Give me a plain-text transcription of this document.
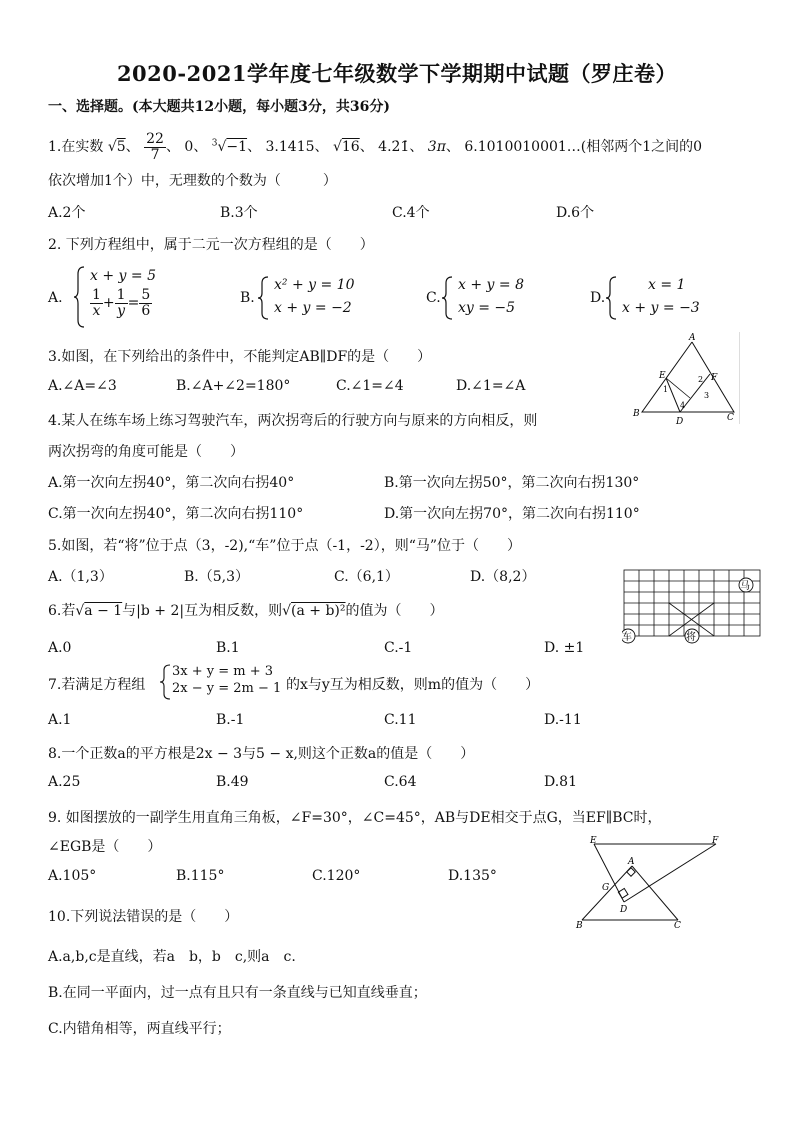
2020-2021学年度七年级数学下学期期中试题（罗庄卷）
一、选择题。(本大题共12小题，每小题3分，共36分)
1.在实数 √5、 $\frac{22}{7}$ 、 0、 $^3$√−1、 3.1415、 √16、 4.2̇1̇、 3π、 6.1010010001…(相邻两个1之间的0
依次增加1个）中，无理数的个数为（　　　）
A.2个	B.3个	C.4个	D.6个
2. 下列方程组中，属于二元一次方程组的是（　　）
A.
x + y = 5
$\frac{1}{x} + \frac{1}{y} = \frac{5}{6}$	B.
x² + y = 10
x + y = −2
C.
x + y = 8
xy = −5
D.
x = 1
x + y = −3
3.如图，在下列给出的条件中，不能判定AB∥DF的是（　　）
A.∠A=∠3	B.∠A+∠2=180°	C.∠1=∠4	D.∠1=∠A
A
E	F
B
D	C
1
2
3
4
4.某人在练车场上练习驾驶汽车，两次拐弯后的行驶方向与原来的方向相反，则
两次拐弯的角度可能是（　　）
A.第一次向左拐40°，第二次向右拐40°	B.第一次向左拐50°，第二次向右拐130°
C.第一次向左拐40°，第二次向右拐110°	D.第一次向左拐70°，第二次向右拐110°
5.如图，若“将”位于点（3，-2),“车”位于点（-1，-2），则“马”位于（　　）
A.（1,3）	B.（5,3）	C.（6,1）	D.（8,2）
马
车	将
6.若√a − 1与|b + 2|互为相反数，则√(a + b)²的值为（　　）
A.0	B.1	C.-1	D. ±1
7.若满足方程组
3x + y = m + 3
2x − y = 2m − 1 的x与y互为相反数，则m的值为（　　）
A.1	B.-1	C.11	D.-11
8.一个正数a的平方根是2x − 3与5 − x,则这个正数a的值是（　　）
A.25	B.49	C.64	D.81
9. 如图摆放的一副学生用直角三角板，∠F=30°，∠C=45°，AB与DE相交于点G，当EF∥BC时，
∠EGB是（　　）
A.105°	B.115°	C.120°	D.135°
E	F
A
G
D
B	C
10.下列说法错误的是（　　）
A.a,b,c是直线，若a　b，b　c,则a　c.
B.在同一平面内，过一点有且只有一条直线与已知直线垂直；
C.内错角相等，两直线平行；
